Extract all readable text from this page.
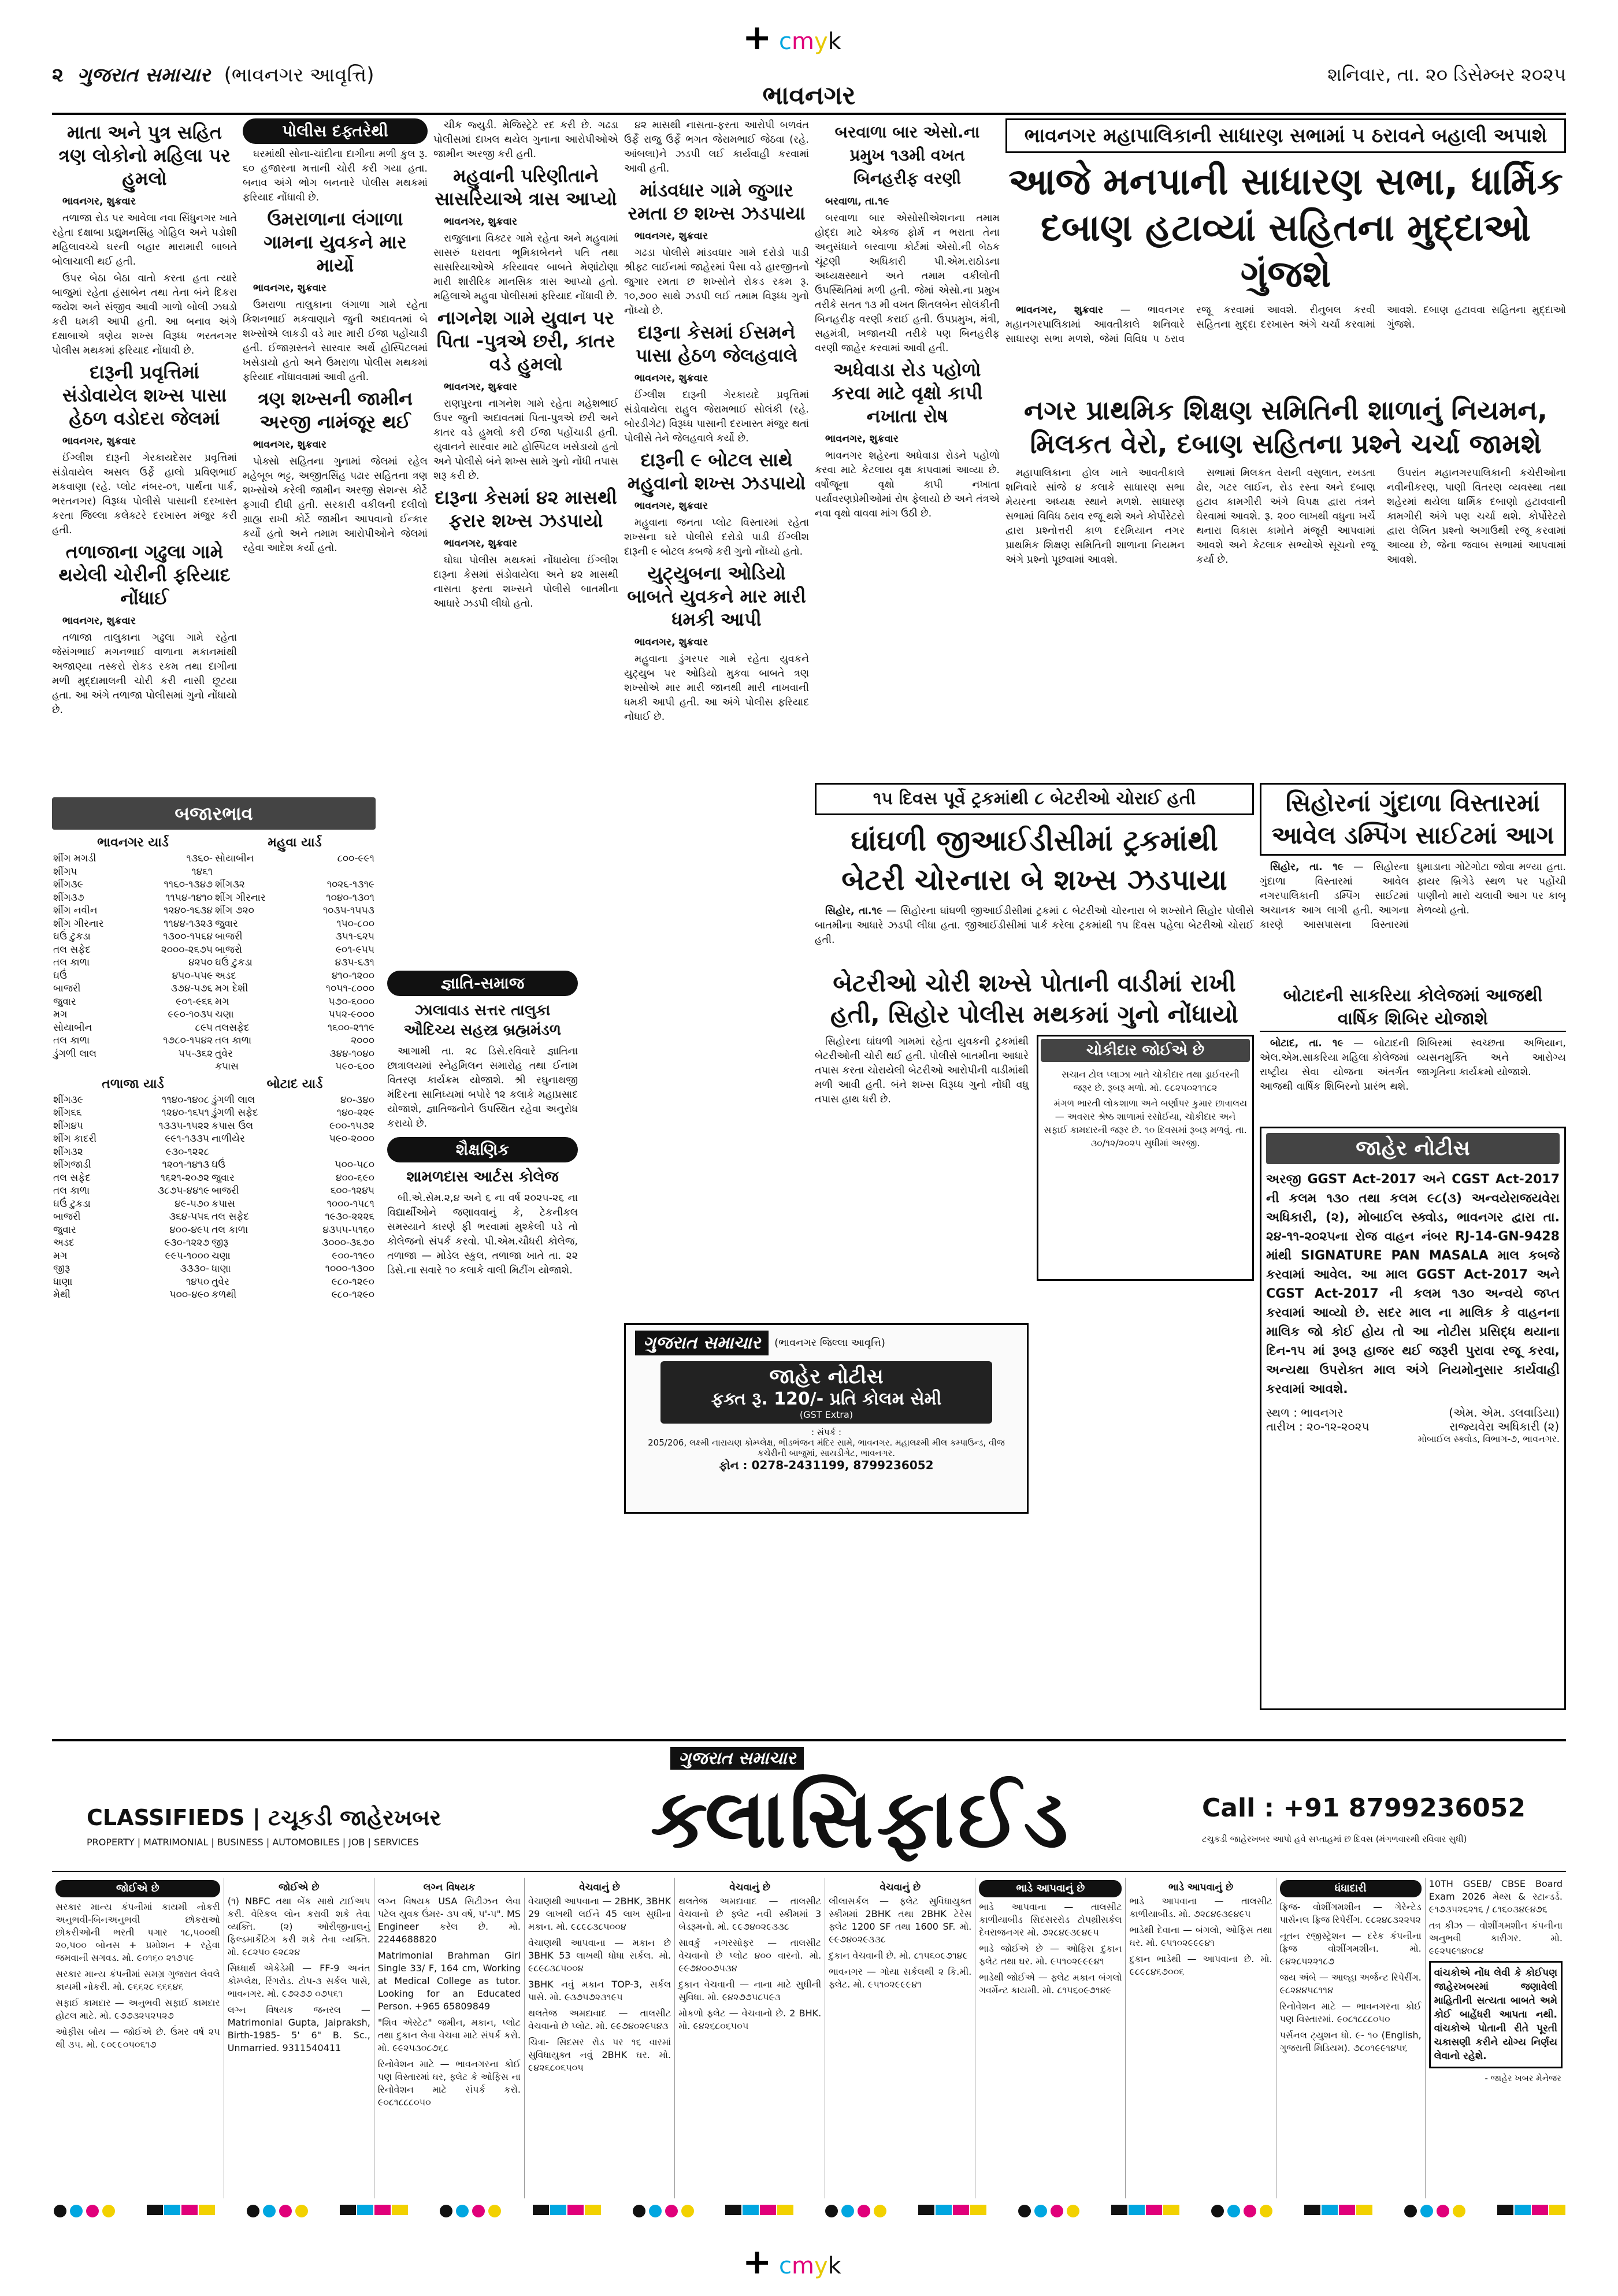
+ cmyk
૨ ગુજરાત સમાચાર (ભાવનગર આવૃત્તિ)
ભાવનગર
શનિવાર, તા. ૨૦ ડિસેમ્બર ૨૦૨૫
માતા અને પુત્ર સહિત ત્રણ લોકોનો મહિલા પર હુમલો

ભાવનગર, શુક્રવાર

તળાજા રોડ પર આવેલા નવા સિંધુનગર ખાતે રહેતા દક્ષાબા પ્રદ્યુમનસિંહ ગોહિલ અને પડોશી મહિલાવચ્ચે ઘરની બહાર મારામારી બાબતે બોલાચાલી થઈ હતી.

ઉપર બેઠા બેઠા વાતો કરતા હતા ત્યારે બાજુમાં રહેતા હંસાબેન તથા તેના બંને દિકરા જયેશ અને સંજીવ આવી ગાળો બોલી ઝઘડો કરી ધમકી આપી હતી. આ બનાવ અંગે દક્ષાબાએ ત્રણેય શખ્સ વિરૂધ્ધ ભરતનગર પોલીસ મથકમાં ફરિયાદ નોંધાવી છે.

દારૂની પ્રવૃત્તિમાં સંડોવાયેલ શખ્સ પાસા હેઠળ વડોદરા જેલમાં

ભાવનગર, શુક્રવાર

ઈંગ્લીશ દારૂની ગેરકાયદેસર પ્રવૃત્તિમાં સંડોવાયેલ અસલ ઉર્ફે હાલો પ્રવિણભાઈ મકવાણા (રહે. પ્લોટ નંબર-૦૧, પાર્થના પાર્ક, ભરતનગર) વિરૂધ્ધ પોલીસે પાસાની દરખાસ્ત કરતા જિલ્લા કલેક્ટરે દરખાસ્ત મંજુર કરી હતી.

તળાજાના ગઢુલા ગામે થયેલી ચોરીની ફરિયાદ નોંધાઈ

ભાવનગર, શુક્રવાર

તળાજા તાલુકાના ગઢુલા ગામે રહેતા જેસંગભાઈ મગનભાઈ વાળાના મકાનમાંથી અજાણ્યા તસ્કરો રોકડ રકમ તથા દાગીના મળી મુદ્દામાલની ચોરી કરી નાસી છૂટયા હતા. આ અંગે તળાજા પોલીસમાં ગુનો નોંધાયો છે.

પોલીસ દફ્તરેથી

ઘરમાંથી સોના-ચાંદીના દાગીના મળી કુલ રૂ. ૬૦ હજારના મત્તાની ચોરી કરી ગયા હતા. બનાવ અંગે ભોગ બનનારે પોલીસ મથકમાં ફરિયાદ નોંધાવી છે.

ઉમરાળાના લંગાળા ગામના યુવકને માર માર્યો

ભાવનગર, શુક્રવાર

ઉમરાળા તાલુકાના લંગાળા ગામે રહેતા કિશનભાઈ મકવાણાને જુની અદાવતમાં બે શખ્સોએ લાકડી વડે માર મારી ઈજા પહોંચાડી હતી. ઈજાગ્રસ્તને સારવાર અર્થે હોસ્પિટલમાં ખસેડાયો હતો અને ઉમરાળા પોલીસ મથકમાં ફરિયાદ નોંધાવવામાં આવી હતી.

ત્રણ શખ્સની જામીન અરજી નામંજૂર થઈ

ભાવનગર, શુક્રવાર

પોક્સો સહિતના ગુનામાં જેલમાં રહેલ મહેબૂબ ભટ્ટ, અજીતસિંહ પઢાર સહિતના ત્રણ શખ્સોએ કરેલી જામીન અરજી સેશન્સ કોર્ટે ફગાવી દીધી હતી. સરકારી વકીલની દલીલો ગ્રાહ્ય રાખી કોર્ટે જામીન આપવાનો ઈન્કાર કર્યો હતો અને તમામ આરોપીઓને જેલમાં રહેવા આદેશ કર્યો હતો.

ચીક જ્યુડી. મેજિસ્ટ્રેટે રદ કરી છે. ગઢડા પોલીસમાં દાખલ થયેલ ગુનાના આરોપીઓએ જામીન અરજી કરી હતી.

મહુવાની પરિણીતાને સાસરિયાએ ત્રાસ આપ્યો

ભાવનગર, શુક્રવાર

રાજુલાના વિક્ટર ગામે રહેતા અને મહુવામાં સાસરું ધરાવતા ભૂમિકાબેનને પતિ તથા સાસરિયાઓએ કરિયાવર બાબતે મેણાંટોણા મારી શારીરિક માનસિક ત્રાસ આપ્યો હતો. મહિલાએ મહુવા પોલીસમાં ફરિયાદ નોંધાવી છે.

નાગનેશ ગામે યુવાન પર પિતા -પુત્રએ છરી, કાતર વડે હુમલો

ભાવનગર, શુક્રવાર

રાણપુરના નાગનેશ ગામે રહેતા મહેશભાઈ ઉપર જુની અદાવતમાં પિતા-પુત્રએ છરી અને કાતર વડે હુમલો કરી ઈજા પહોંચાડી હતી. યુવાનને સારવાર માટે હોસ્પિટલ ખસેડાયો હતો અને પોલીસે બંને શખ્સ સામે ગુનો નોંધી તપાસ શરૂ કરી છે.

દારૂના કેસમાં ૪૨ માસથી ફરાર શખ્સ ઝડપાયો

ભાવનગર, શુક્રવાર

ઘોઘા પોલીસ મથકમાં નોંધાયેલા ઈંગ્લીશ દારૂના કેસમાં સંડોવાયેલા અને ૪૨ માસથી નાસતા ફરતા શખ્સને પોલીસે બાતમીના આધારે ઝડપી લીધો હતો.

૪૨ માસથી નાસતા-ફરતા આરોપી બળવંત ઉર્ફે રાજુ ઉર્ફે ભગત જેરામભાઈ જેઠવા (રહે. આંબલા)ને ઝડપી લઈ કાર્યવાહી કરવામાં આવી હતી.

માંડવધાર ગામે જુગાર રમતા છ શખ્સ ઝડપાયા

ભાવનગર, શુક્રવાર

ગઢડા પોલીસે માંડવધાર ગામે દરોડો પાડી શ્રીફ્ટ લાઈનમાં જાહેરમાં પૈસા વડે હારજીતનો જુગાર રમતા છ શખ્સોને રોકડ રકમ રૂ. ૧૦,૭૦૦ સાથે ઝડપી લઈ તમામ વિરૂધ્ધ ગુનો નોંધ્યો છે.

દારૂના કેસમાં ઈસમને પાસા હેઠળ જેલહવાલે

ભાવનગર, શુક્રવાર

ઈંગ્લીશ દારૂની ગેરકાયદે પ્રવૃત્તિમાં સંડોવાયેલા રાહુલ જેરામભાઈ સોલંકી (રહે. બોરડીગેટ) વિરૂધ્ધ પાસાની દરખાસ્ત મંજુર થતાં પોલીસે તેને જેલહવાલે કર્યો છે.

દારૂની ૯ બોટલ સાથે મહુવાનો શખ્સ ઝડપાયો

ભાવનગર, શુક્રવાર

મહુવાના જનતા પ્લોટ વિસ્તારમાં રહેતા શખ્સના ઘરે પોલીસે દરોડો પાડી ઈંગ્લીશ દારૂની ૯ બોટલ કબજે કરી ગુનો નોંધ્યો હતો.

યુટ્યુબના ઓડિયો બાબતે યુવકને માર મારી ધમકી આપી

ભાવનગર, શુક્રવાર

મહુવાના ડુંગરપર ગામે રહેતા યુવકને યુટ્યુબ પર ઓડિયો મુકવા બાબતે ત્રણ શખ્સોએ માર મારી જાનથી મારી નાખવાની ધમકી આપી હતી. આ અંગે પોલીસ ફરિયાદ નોંધાઈ છે.

બરવાળા બાર એસો.ના પ્રમુખ ૧૩મી વખત બિનહરીફ વરણી

બરવાળા, તા.૧૯

બરવાળા બાર એસોસીએશનના તમામ હોદ્દા માટે એકજ ફોર્મ ન ભરાતા તેના અનુસંધાને બરવાળા કોર્ટમાં એસો.ની બેઠક ચૂંટણી અધિકારી પી.એમ.રાઠોડના અધ્યક્ષસ્થાને અને તમામ વકીલોની ઉપસ્થિતિમાં મળી હતી. જેમાં એસો.ના પ્રમુખ તરીકે સતત ૧૩ મી વખત શિતલબેન સોલંકીની બિનહરીફ વરણી કરાઈ હતી. ઉપપ્રમુખ, મંત્રી, સહમંત્રી, ખજાનચી તરીકે પણ બિનહરીફ વરણી જાહેર કરવામાં આવી હતી.

અધેવાડા રોડ પહોળો કરવા માટે વૃક્ષો કાપી નખાતા રોષ

ભાવનગર, શુક્રવાર

ભાવનગર શહેરના અધેવાડા રોડને પહોળો કરવા માટે કેટલાય વૃક્ષ કાપવામાં આવ્યા છે. વર્ષોજૂના વૃક્ષો કાપી નખાતા પર્યાવરણપ્રેમીઓમાં રોષ ફેલાયો છે અને તંત્રએ નવા વૃક્ષો વાવવા માંગ ઉઠી છે.

ભાવનગર મહાપાલિકાની સાધારણ સભામાં ૫ ઠરાવને બહાલી અપાશે
આજે મનપાની સાધારણ સભા, ધાર્મિક દબાણ હટાવ્યાં સહિતના મુદ્દાઓ ગુંજશે

ભાવનગર, શુક્રવાર — ભાવનગર મહાનગરપાલિકામાં આવતીકાલે શનિવારે સાધારણ સભા મળશે, જેમાં વિવિધ ૫ ઠરાવ રજૂ કરવામાં આવશે. રીનુબલ કરવી સહિતના મુદ્દા દરખાસ્ત અંગે ચર્ચા કરવામાં આવશે. દબાણ હટાવવા સહિતના મુદ્દાઓ ગુંજશે.

નગર પ્રાથમિક શિક્ષણ સમિતિની શાળાનું નિયમન, મિલકત વેરો, દબાણ સહિતના પ્રશ્ને ચર્ચા જામશે

મહાપાલિકાના હોલ ખાતે આવતીકાલે શનિવારે સાંજે ૪ કલાકે સાધારણ સભા મેયરના અધ્યક્ષ સ્થાને મળશે. સાધારણ સભામાં વિવિધ ઠરાવ રજૂ થશે અને કોર્પોરેટરો દ્વારા પ્રશ્નોત્તરી કાળ દરમિયાન નગર પ્રાથમિક શિક્ષણ સમિતિની શાળાના નિયમન અંગે પ્રશ્નો પૂછવામાં આવશે.

સભામાં મિલકત વેરાની વસુલાત, રખડતા ઢોર, ગટર લાઈન, રોડ રસ્તા અને દબાણ હટાવ કામગીરી અંગે વિપક્ષ દ્વારા તંત્રને ઘેરવામાં આવશે. રૂ. ૨૦૦ લાખથી વધુના ખર્ચે થનારા વિકાસ કામોને મંજૂરી આપવામાં આવશે અને કેટલાક સભ્યોએ સૂચનો રજૂ કર્યા છે.

ઉપરાંત મહાનગરપાલિકાની કચેરીઓના નવીનીકરણ, પાણી વિતરણ વ્યવસ્થા તથા શહેરમાં થયેલા ધાર્મિક દબાણો હટાવવાની કામગીરી અંગે પણ ચર્ચા થશે. કોર્પોરેટરો દ્વારા લેખિત પ્રશ્નો અગાઉથી રજૂ કરવામાં આવ્યા છે, જેના જવાબ સભામાં આપવામાં આવશે.

૧૫ દિવસ પૂર્વે ટ્રકમાંથી ૮ બેટરીઓ ચોરાઈ હતી
ઘાંઘળી જીઆઈડીસીમાં ટ્રકમાંથી બેટરી ચોરનારા બે શખ્સ ઝડપાયા

સિહોર, તા.૧૯ — સિહોરના ઘાંઘળી જીઆઈડીસીમાં ટ્રકમાં ૮ બેટરીઓ ચોરનારા બે શખ્સોને સિહોર પોલીસે બાતમીના આધારે ઝડપી લીધા હતા. જીઆઈડીસીમાં પાર્ક કરેલા ટ્રકમાંથી ૧૫ દિવસ પહેલા બેટરીઓ ચોરાઈ હતી.

બેટરીઓ ચોરી શખ્સે પોતાની વાડીમાં રાખી હતી, સિહોર પોલીસ મથકમાં ગુનો નોંધાયો

સિહોરના ઘાંઘળી ગામમાં રહેતા યુવકની ટ્રકમાંથી બેટરીઓની ચોરી થઈ હતી. પોલીસે બાતમીના આધારે તપાસ કરતા ચોરાયેલી બેટરીઓ આરોપીની વાડીમાંથી મળી આવી હતી. બંને શખ્સ વિરૂધ્ધ ગુનો નોંધી વધુ તપાસ હાથ ધરી છે.

ચોકીદાર જોઈએ છે

સચાન ટોલ પ્લાઝા ખાતે ચોકીદાર તથા ડ્રાઈવરની જરૂર છે. રૂબરૂ મળો. મો. ૯૮૨૫૦૨૧૧૮૨

મંગળ ભારતી લોકશાળા અને બર્ણાપર કુમાર છાત્રાલય — અવસર શ્રેષ્ઠ શાળામાં રસોઈયા, ચોકીદાર અને સફાઈ કામદારની જરૂર છે. ૧૦ દિવસમાં રૂબરૂ મળવું. તા. ૩૦/૧૨/૨૦૨૫ સુધીમાં અરજી.

સિહોરનાં ગુંદાળા વિસ્તારમાં આવેલ ડમ્પિંગ સાઈટમાં આગ

સિહોર, તા. ૧૯ — સિહોરના ગુંદાળા વિસ્તારમાં આવેલ નગરપાલિકાની ડમ્પિંગ સાઈટમાં અચાનક આગ લાગી હતી. આગના કારણે આસપાસના વિસ્તારમાં ધુમાડાના ગોટેગોટા જોવા મળ્યા હતા. ફાયર બ્રિગેડે સ્થળ પર પહોંચી પાણીનો મારો ચલાવી આગ પર કાબૂ મેળવ્યો હતો.

બોટાદની સાકરિયા કોલેજમાં આજથી વાર્ષિક શિબિર યોજાશે

બોટાદ, તા. ૧૯ — બોટાદની એલ.એમ.સાકરિયા મહિલા કોલેજમાં રાષ્ટ્રીય સેવા યોજના અંતર્ગત આજથી વાર્ષિક શિબિરનો પ્રારંભ થશે. શિબિરમાં સ્વચ્છતા અભિયાન, વ્યસનમુક્તિ અને આરોગ્ય જાગૃતિના કાર્યક્રમો યોજાશે.

જાહેર નોટીસ
અરજી GGST Act-2017 અને CGST Act-2017 ની કલમ ૧૩૦ તથા કલમ ૯૮(૩) અન્વયેરાજયવેરા અધિકારી, (૨), મોબાઈલ સ્ક્વોડ, ભાવનગર દ્વારા તા. ૨૪-૧૧-૨૦૨૫ના રોજ વાહન નંબર RJ-14-GN-9428 માંથી SIGNATURE PAN MASALA માલ કબજે કરવામાં આવેલ. આ માલ GGST Act-2017 અને CGST Act-2017 ની કલમ ૧૩૦ અન્વયે જપ્ત કરવામાં આવ્યો છે. સદર માલ ના માલિક કે વાહનના માલિક જો કોઈ હોય તો આ નોટીસ પ્રસિદ્ધ થયાના દિન-૧૫ માં રૂબરૂ હાજર થઈ જરૂરી પુરાવા રજૂ કરવા, અન્યથા ઉપરોક્ત માલ અંગે નિયમોનુસાર કાર્યવાહી કરવામાં આવશે.
સ્થળ : ભાવનગર
તારીખ : ૨૦-૧૨-૨૦૨૫
(એમ. એમ. ડલવાડિયા)
રાજ્યવેરા અધિકારી (૨)
મોબાઈલ સ્ક્વોડ, વિભાગ-૭, ભાવનગર.
બજારભાવ
ભાવનગર યાર્ડ	મહુવા યાર્ડ
શીંગ મગડી	૧૩૬૦-	સોયાબીન	૮૦૦-૯૯૧
શીંગપ	૧૪૬૧		
શીંગ૩૯	૧૧૬૦-૧૩૪૭	શીંગ૩૨	૧૦૨૬-૧૩૧૯
શીંગ૩૭	૧૧૫૪-૧૪૧૦	શીંગ ગીરનાર	૧૦૪૦-૧૩૦૧
શીંગ નવીન	૧૨૪૦-૧૬૩૪	શીંગ ૭૨૦	૧૦૩૫-૧૫૫૩
શીંગ ગીરનાર	૧૧૪૪-૧૩૨૩	જુવાર	૧૫૦-૮૦૦
ઘઉં ટુકડા	૧૩૦૦-૧૫૬૪	બાજરી	૩૫૧-૬૨૫
તલ સફેદ	૨૦૦૦-૨૬૭૫	બાજરો	૯૦૧-૯૫૫
તલ કાળા	૪૨૫૦	ઘઉં ટુકડા	૪૩૫-૬૩૧
ઘઉં	૪૫૦-૫૫૯	અડદ	૪૧૦-૧૨૦૦
બાજરી	૩૭૪-૫૭૬	મગ દેશી	૧૦૫૧-૮૦૦૦
જુવાર	૯૦૧-૯૬૬	મગ	૫૭૦-૬૦૦૦
મગ	૯૯૦-૧૦૩૫	ચણા	૫૫૨-૯૦૦૦
સોયાબીન	૮૯૫	તલસફેદ	૧૬૦૦-૨૧૧૯
તલ કાળા	૧૭૮૦-૧૫૪૨	તલ કાળા	૨૦૦૦
ડુંગળી લાલ	૫૫-૩૬૨	તુવેર	૩૪૪-૧૦૪૦
		કપાસ	૫૯૦-૬૦૦
તળાજા યાર્ડ	બોટાદ યાર્ડ
શીંગ૩૯	૧૧૪૦-૧૪૦૮	ડુંગળી લાલ	૪૦-૩૪૦
શીંગ૬૬	૧૨૪૦-૧૬૫૧	ડુંગળી સફેદ	૧૪૦-૨૨૯
શીંગ૪૫	૧૩૩૫-૧૫૨૨	કપાસ ઉલ	૯૦૦-૧૫૭૨
શીંગ કાદરી	૯૯૧-૧૩૩૫	નાળીયેર	૫૯૦-૨૦૦૦
શીંગ૩૨	૯૩૦-૧૨૨૮		
શીંગજાડી	૧૨૦૧-૧૪૧૩	ઘઉં	૫૦૦-૫૮૦
તલ સફેદ	૧૬૨૧-૨૦૭૨	જુવાર	૪૦૦-૬૯૦
તલ કાળા	૩૮૭૫-૪૪૧૯	બાજરી	૬૦૦-૧૨૪૫
ઘઉં ટુકડા	૪૯-૫૭૦	કપાસ	૧૦૦૦-૧૫૮૧
બાજરી	૩૬૪-૫૫૬	તલ સફેદ	૧૯૩૦-૨૨૨૬
જુવાર	૪૦૦-૪૯૫	તલ કાળા	૪૩૫૫-૫૧૬૦
અડદ	૯૩૦-૧૨૨૭	જીરૂ	૩૦૦૦-૩૬૭૦
મગ	૯૯૫-૧૦૦૦	ચણા	૯૦૦-૧૧૯૦
જીરૂ	૩૩૩૦-	ધાણા	૧૦૦૦-૧૩૦૦
ધાણા	૧૪૫૦	તુવેર	૯૮૦-૧૨૯૦
મેથી	૫૦૦-૪૯૦	કળથી	૯૮૦-૧૨૯૦
જ્ઞાતિ-સમાજ
ઝાલાવાડ સત્તર તાલુકા ઔદિચ્ય સહસ્ત્ર બ્રહ્મમંડળ

આગામી તા. ૨૮ ડિસે.રવિવારે જ્ઞાતિના છાત્રાલયમાં સ્નેહમિલન સમારોહ તથા ઈનામ વિતરણ કાર્યક્રમ યોજાશે. શ્રી રઘુનાથજી મંદિરના સાનિધ્યમાં બપોરે ૧૨ કલાકે મહાપ્રસાદ યોજાશે, જ્ઞાતિજનોને ઉપસ્થિત રહેવા અનુરોધ કરાયો છે.

શૈક્ષણિક
શામળદાસ આર્ટસ કોલેજ

બી.એ.સેમ.૨,૪ અને ૬ ના વર્ષ ૨૦૨૫-૨૬ ના વિદ્યાર્થીઓને જણાવવાનું કે, ટેકનીકલ સમસ્યાને કારણે ફી ભરવામાં મુશ્કેલી પડે તો કોલેજનો સંપર્ક કરવો. પી.એમ.ચૌધરી કોલેજ, તળાજા — મોડેલ સ્કુલ, તળાજા ખાતે તા. ૨૨ ડિસે.ના સવારે ૧૦ કલાકે વાલી મિટીંગ યોજાશે.

ગુજરાત સમાચાર	(ભાવનગર જિલ્લા આવૃત્તિ)
જાહેર નોટીસ
ફક્ત રૂ. 120/- પ્રતિ કોલમ સેમી
(GST Extra)
: સંપર્ક :
205/206, લક્ષ્મી નારાયણ કોમ્પ્લેક્ષ, ભીડભંજન મંદિર સામે, ભાવનગર. મહાલક્ષ્મી મીલ કમ્પાઉન્ડ, વીજ કચેરીની બાજુમાં, સાયડીગેટ, ભાવનગર.
ફોન : 0278-2431199, 8799236052
ગુજરાત સમાચાર
CLASSIFIEDS | ટચૂકડી જાહેરખબર
PROPERTY | MATRIMONIAL | BUSINESS | AUTOMOBILES | JOB | SERVICES	ક્લાસિફાઈડ	Call : +91 8799236052
ટચુકડી જાહેરખબર આપો હવે સપ્તાહમાં છ દિવસ (મંગળવારથી રવિવાર સુધી)
જોઈએ છે

સરકાર માન્ય કંપનીમાં કાયમી નોકરી અનુભવી-બિનઅનુભવી છોકરાઓ છોકરીઓની ભરતી પગાર ૧૮,૫૦૦થી ૨૦,૫૦૦ બોનસ + પ્રમોશન + રહેવા જમવાની સગવડ. મો. ૯૦૧૬૦ ૨૧૭૫૯

સરકાર માન્ય કંપનીમાં સમગ્ર ગુજરાત લેવલે કાયમી નોકરી. મો. ૯૬૬૨૮ ૬૬૬૪૬

સફાઈ કામદાર — અનુભવી સફાઈ કામદાર હોટલ માટે. મો. ૯૭૭૩૨૫૨૫૨૭

ઓફીસ બોય — જોઈએ છે. ઉંમર વર્ષ ૨૫ થી ૩૫. મો. ૯૦૯૯૦૫૦૬૧૭

જોઈએ છે

(૧) NBFC તથા બેંક સાથે ટાઈઅપ કરી. વેરિકલ લોન કરાવી શકે તેવા વ્યક્તિ. (૨) ઓરીજીનાલનું ફિલ્ડમાર્કેટિંગ કરી શકે તેવા વ્યક્તિ. મો. ૯૮૨૫૦ ૯૨૮૨૪

સિધ્ધાર્થ એકેડેમી — FF-9 અનંત કોમ્પ્લેક્ષ, રિંગરોડ. ટોપ-૩ સર્કલ પાસે, ભાવનગર. મો. ૯૭૨૭૭ ૦૭૫૬૧

લગ્ન વિષયક જનરલ — Matrimonial Gupta, Jaipraksh, Birth-1985- 5' 6" B. Sc., Unmarried. 9311540411

લગ્ન વિષયક

લગ્ન વિષયક USA સિટીઝન લેવા પટેલ યુવક ઉંમર- ૩૫ વર્ષ, ૫'-૫". MS Engineer કરેલ છે. મો. 2244688820

Matrimonial Brahman Girl Single 33/ F, 164 cm, Working at Medical College as tutor. Looking for an Educated Person. +965 65809849

"શિવ એસ્ટેટ" જમીન, મકાન, પ્લોટ તથા દુકાન લેવા વેચવા માટે સંપર્ક કરો. મો. ૯૯૨૫૩૦૮૭૬૮

રિનોવેશન માટે — ભાવનગરના કોઈ પણ વિસ્તારમાં ઘર, ફ્લેટ કે ઓફિસ ના રિનોવેશન માટે સંપર્ક કરો. ૯૦૮૧૮૮૮૦૫૦

વેચવાનું છે

વેચાણથી આપવાના — 2BHK, 3BHK 29 લાખથી લઈને 45 લાખ સુધીના મકાન. મો. ૯૮૯૮૩૮૫૦૦૪

વેચાણથી આપવાના — મકાન છે 3BHK 53 લાખથી ધોધા સર્કલ. મો. ૯૮૯૮૩૮૫૦૦૪

3BHK નવું મકાન TOP-3, સર્કલ પાસે. મો. ૯૩૭૫૭૨૩૧૯૫

થલતેજ અમદાવાદ — તાલસીટ વેચવાનો છે પ્લોટ. મો. ૯૯૭૪૦૨૯૫૪૩

ચિત્રા- સિદસર રોડ પર ૧૬ વારમાં સુવિધાયુક્ત નવું 2BHK ઘર. મો. ૯૪૨૬૮૦૬૫૦૫

વેચવાનું છે

થલતેજ અમદાવાદ — તાલસીટ વેચવાનો છે ફ્લેટ નવી સ્કીમમાં 3 બેડરૂમનો. મો. ૯૯૭૪૦૨૯૩૩૮

સાવર્કુ નગરસોફર — તાલસીટ વેચવાનો છે પ્લોટ ૪૦૦ વારનો. મો. ૯૯૭૪૦૦૭૫૩૪

દુકાન વેચવાની — નાના માટે સુધીની સુવિધા. મો. ૯૪૨૭૭૫૮૫૯૩

મોકળો ફ્લેટ — વેચવાનો છે. 2 BHK. મો. ૯૪૨૬૮૦૬૫૦૫

વેચવાનું છે

લીલાસર્કલ — ફ્લેટ સુવિધાયુક્ત સ્કીમમાં 2BHK તથા 2BHK ટેરેસ ફ્લેટ 1200 SF તથા 1600 SF. મો. ૯૯૭૪૦૨૯૩૩૮

દુકાન વેચવાની છે. મો. ૮૧૫૬૦૯૭૧૪૯

ભાવનગર — ગોયા સર્કલથી ૨ કિ.મી. ફ્લેટ. મો. ૯૫૧૦૨૯૯૯૪૧

ભાડે આપવાનું છે

ભાડે આપવાના — તાલસીટ કાળીયાબીડ સિદસરરોડ ટોપથ્રીસર્કલ દેવરાજનગર મો. ૭૨૮૪૯૩૯૪૯૫

ભાડે જોઈએ છે — ઓફિસ દુકાન ફ્લેટ તથા ઘર. મો. ૯૫૧૦૨૯૯૯૪૧

ભાડેથી જોઈએ — ફ્લેટ મકાન બંગલો ગવર્મેન્ટ કાયમી. મો. ૮૧૫૬૦૯૭૧૪૯

ભાડે આપવાનું છે

ભાડે આપવાના — તાલસીટ કાળીયાબીડ. મો. ૭૨૮૪૯૩૯૪૯૫

ભાડેથી દેવાના — બંગલો, ઓફિસ તથા ઘર. મો. ૯૫૧૦૨૯૯૯૪૧

દુકાન ભાડેથી — આપવાના છે. મો. ૯૮૯૮૪૬૭૦૦૬

ધંધાદારી

ફ્રિજ- વોશીંગમશીન — ગેરેન્ટેડ પાર્સનલ ફ્રિજ રિપેરીંગ. ૯૮૨૪૮૩૨૨૫૨

નૂતન રજીસ્ટ્રેશન — દરેક કંપનીના ફ્રિજ વોશીંગમશીન. મો. ૯૪૨૮૫૨૨૧૮૭

જય અંબે — આલ્હા અર્જન્ટ રિપેરીંગ. ૯૮૨૪૪૫૮૧૧૪

રિનોવેશન માટે — ભાવનગરના કોઈ પણ વિસ્તારમાં. ૯૦૮૧૮૮૮૦૫૦

પર્સનલ ટ્યુશન ધો. ૯- ૧૦ (English, ગુજરાતી મિડિયમ). ૭૮૦૧૯૯૧૪૫૬

10TH GSEB/ CBSE Board Exam 2026 મેથ્સ & સ્ટાન્ડર્ડ. ૯૧૭૩૫૨૬૨૧૬ / ૮૧૬૦૩૪૯૪૭૬

તત્ર કીઝ — વોશીંગમશીન કંપનીના અનુભવી કારીગર. મો. ૯૯૨૫૯૧૪૦૮૪

વાંચકોએ નોંધ લેવી કે કોઈપણ જાહેરખબરમાં જણાવેલી માહિતીની સત્યતા બાબતે અમે કોઈ બાહેંધરી આપતા નથી. વાંચકોએ પોતાની રીતે પૂરતી ચકાસણી કરીને યોગ્ય નિર્ણય લેવાનો રહેશે.
- જાહેર ખબર મેનેજર
+ cmyk
